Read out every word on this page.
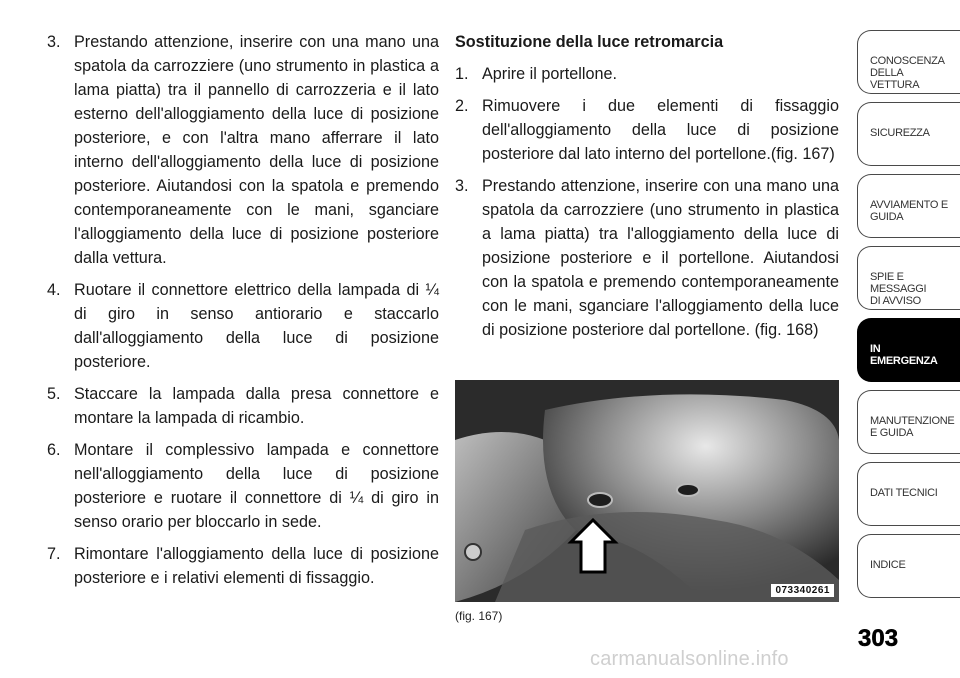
3. Prestando attenzione, inserire con una mano una spatola da carrozziere (uno strumento in plastica a lama piatta) tra il pannello di carrozzeria e il lato esterno dell'alloggiamento della luce di posizione posteriore, e con l'altra mano afferrare il lato interno dell'alloggiamento della luce di posizione posteriore. Aiutandosi con la spatola e premendo contemporaneamente con le mani, sganciare l'alloggiamento della luce di posizione posteriore dalla vettura.
4. Ruotare il connettore elettrico della lampada di ¼ di giro in senso antiorario e staccarlo dall'alloggiamento della luce di posizione posteriore.
5. Staccare la lampada dalla presa connettore e montare la lampada di ricambio.
6. Montare il complessivo lampada e connettore nell'alloggiamento della luce di posizione posteriore e ruotare il connettore di ¼ di giro in senso orario per bloccarlo in sede.
7. Rimontare l'alloggiamento della luce di posizione posteriore e i relativi elementi di fissaggio.
Sostituzione della luce retromarcia
1. Aprire il portellone.
2. Rimuovere i due elementi di fissaggio dell'alloggiamento della luce di posizione posteriore dal lato interno del portellone.(fig. 167)
3. Prestando attenzione, inserire con una mano una spatola da carrozziere (uno strumento in plastica a lama piatta) tra l'alloggiamento della luce di posizione posteriore e il portellone. Aiutandosi con la spatola e premendo contemporaneamente con le mani, sganciare l'alloggiamento della luce di posizione posteriore dal portellone. (fig. 168)
073340261
(fig. 167)
CONOSCENZA
DELLA VETTURA
SICUREZZA
AVVIAMENTO E
GUIDA
SPIE E
MESSAGGI
DI AVVISO
IN
EMERGENZA
MANUTENZIONE
E GUIDA
DATI TECNICI
INDICE
303
carmanualsonline.info
